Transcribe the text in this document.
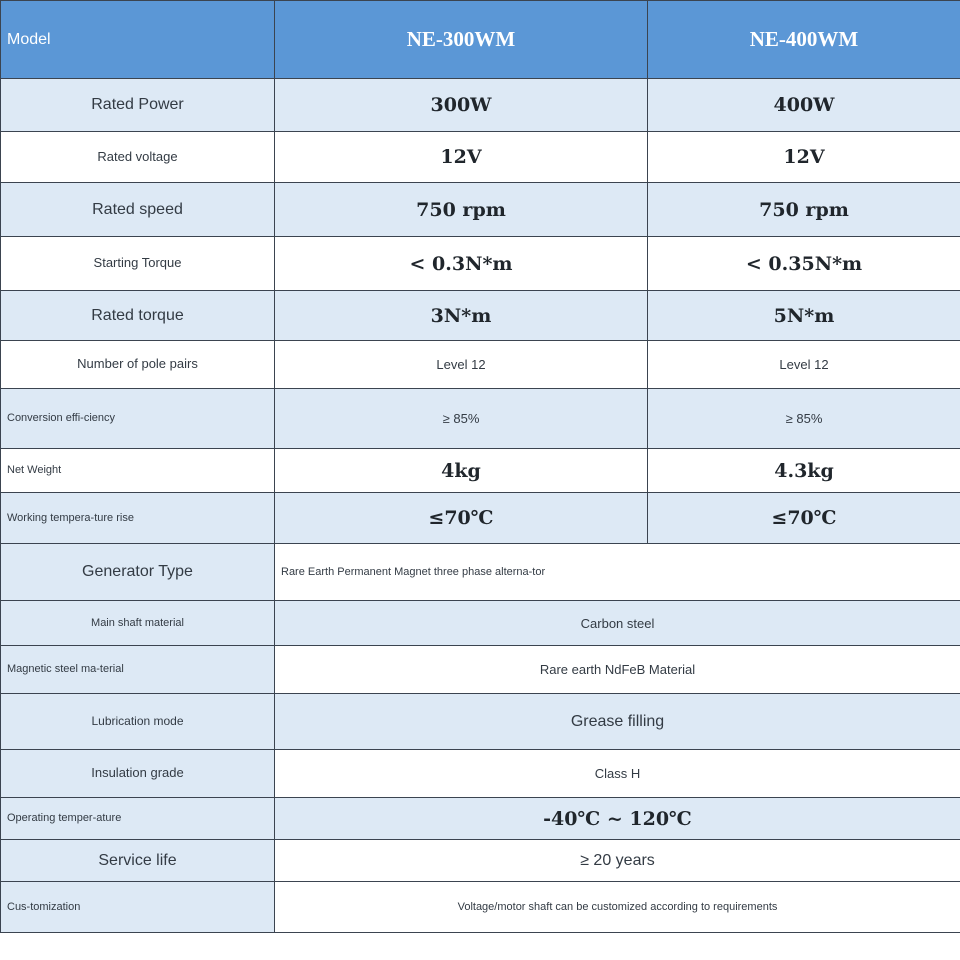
Model	NE-300WM	NE-400WM
Rated Power	300W	400W
Rated voltage	12V	12V
Rated speed	750 rpm	750 rpm
Starting Torque	< 0.3N*m	< 0.35N*m
Rated torque	3N*m	5N*m
Number of pole pairs	Level 12	Level 12
Conversion effi-ciency	≥ 85%	≥ 85%
Net Weight	4kg	4.3kg
Working tempera-ture rise	≤70℃	≤70℃
Generator Type	Rare Earth Permanent Magnet three phase alterna-tor	
Main shaft material	Carbon steel	
Magnetic steel ma-terial	Rare earth NdFeB Material	
Lubrication mode	Grease filling	
Insulation grade	Class H	
Operating temper-ature	-40℃ ~ 120℃	
Service life	≥ 20 years	
Cus-tomization	Voltage/motor shaft can be customized according to requirements	
